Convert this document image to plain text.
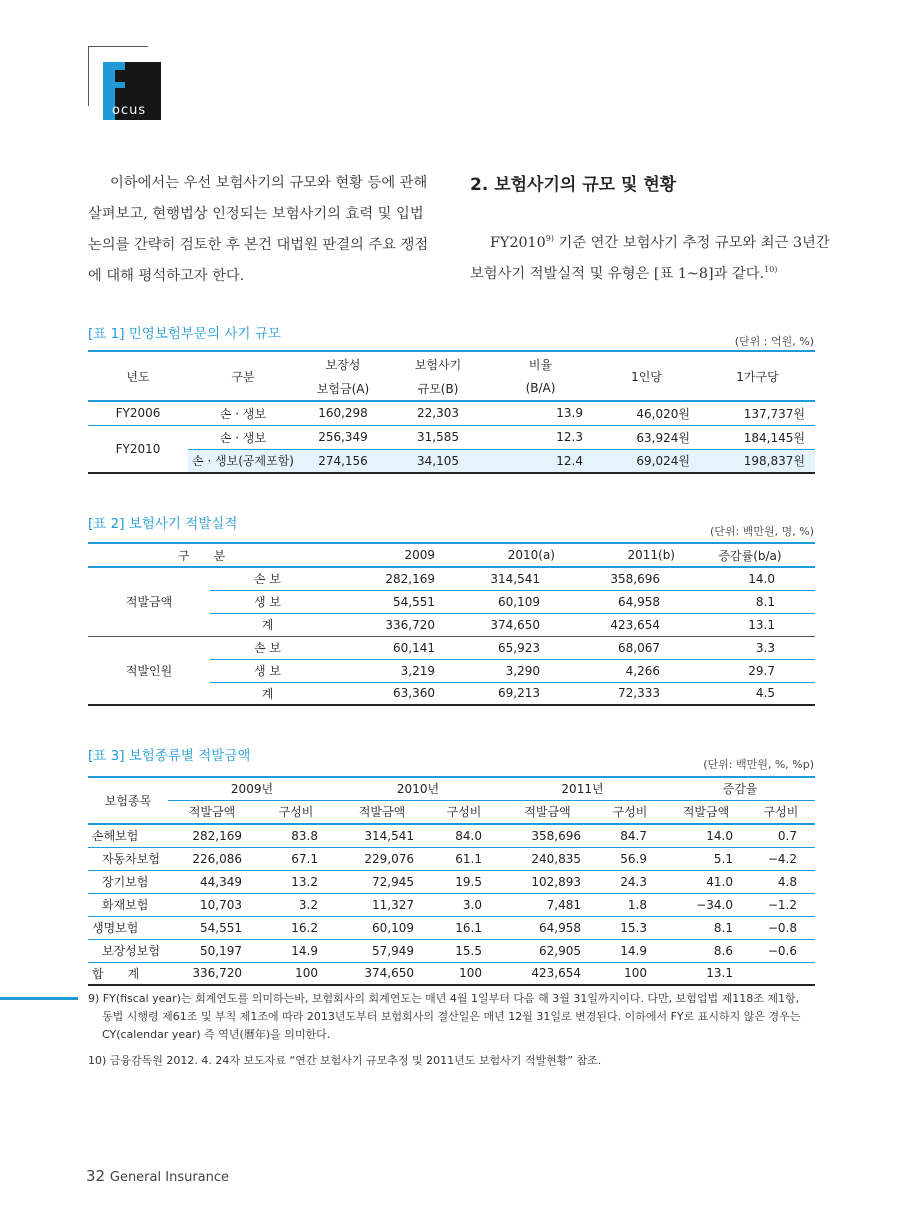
ocus
이하에서는 우선 보험사기의 규모와 현황 등에 관해
살펴보고, 현행법상 인정되는 보험사기의 효력 및 입법
논의를 간략히 검토한 후 본건 대법원 판결의 주요 쟁점
에 대해 평석하고자 한다.
2. 보험사기의 규모 및 현황
FY2010$^{9)}$ 기준 연간 보험사기 추정 규모와 최근 3년간
보험사기 적발실적 및 유형은 [표 1~8]과 같다.$^{10)}$
[표 1] 민영보험부문의 사기 규모	(단위 : 억원, %)
년도	구분	보장성	보험사기	비율	1인당	1가구당
		보험금(A)	규모(B)	(B/A)		
FY2006	손 · 생보	160,298	22,303	13.9	46,020원	137,737원
FY2010	손 · 생보	256,349	31,585	12.3	63,924원	184,145원
	손 · 생보(공제포함)	274,156	34,105	12.4	69,024원	198,837원
[표 2] 보험사기 적발실적	(단위: 백만원, 명, %)
구　　분		2009	2010(a)	2011(b)	증감률(b/a)
적발금액	손 보	282,169	314,541	358,696	14.0
	생 보	54,551	60,109	64,958	8.1
	계	336,720	374,650	423,654	13.1
적발인원	손 보	60,141	65,923	68,067	3.3
	생 보	3,219	3,290	4,266	29.7
	계	63,360	69,213	72,333	4.5
[표 3] 보험종류별 적발금액
(단위: 백만원, %, %p)
보험종목	2009년		2010년		2011년		증감율	
	적발금액	구성비	적발금액	구성비	적발금액	구성비	적발금액	구성비
손해보험	282,169	83.8	314,541	84.0	358,696	84.7	14.0	0.7
자동차보험	226,086	67.1	229,076	61.1	240,835	56.9	5.1	−4.2
장기보험	44,349	13.2	72,945	19.5	102,893	24.3	41.0	4.8
화재보험	10,703	3.2	11,327	3.0	7,481	1.8	−34.0	−1.2
생명보험	54,551	16.2	60,109	16.1	64,958	15.3	8.1	−0.8
보장성보험	50,197	14.9	57,949	15.5	62,905	14.9	8.6	−0.6
합　　계	336,720	100	374,650	100	423,654	100	13.1	
9) FY(fiscal year)는 회계연도를 의미하는바, 보험회사의 회계연도는 매년 4월 1일부터 다음 해 3월 31일까지이다. 다만, 보험업법 제118조 제1항,
동법 시행령 제61조 및 부칙 제1조에 따라 2013년도부터 보험회사의 결산일은 매년 12월 31일로 변경된다. 이하에서 FY로 표시하지 않은 경우는
CY(calendar year) 즉 역년(曆年)을 의미한다.
10) 금융감독원 2012. 4. 24자 보도자료 “연간 보험사기 규모추정 및 2011년도 보험사기 적발현황” 참조.
32 General Insurance
